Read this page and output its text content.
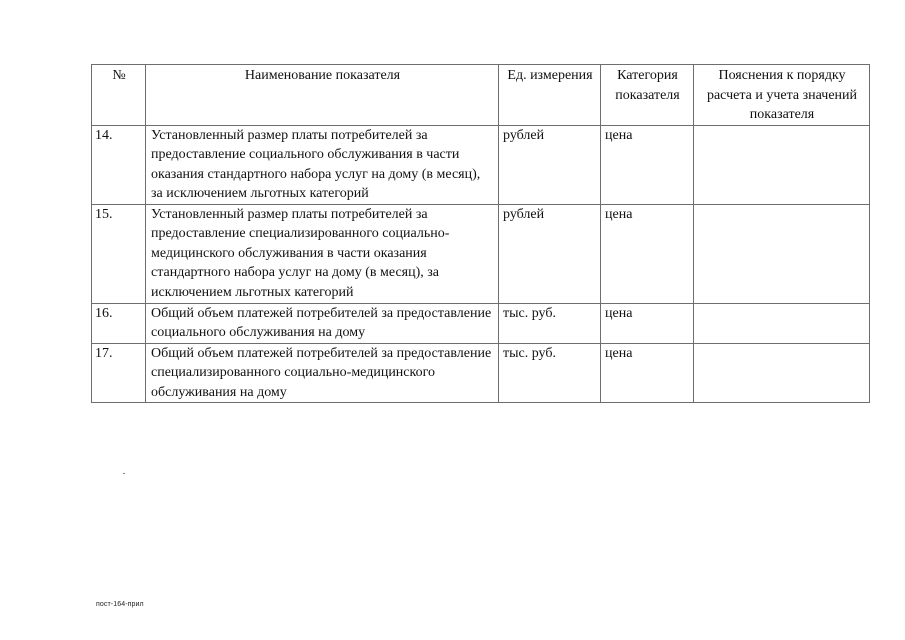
№	Наименование показателя	Ед. измерения	Категория показателя	Пояснения к порядку расчета и учета значений показателя
14.	Установленный размер платы потребителей за предоставление социального обслуживания в части оказания стандартного набора услуг на дому (в месяц), за исключением льготных категорий	рублей	цена	
15.	Установленный размер платы потребителей за предоставление специализированного социально-медицинского обслуживания в части оказания стандартного набора услуг на дому (в месяц), за исключением льготных категорий	рублей	цена	
16.	Общий объем платежей потребителей за предоставление социального обслуживания на дому	тыс. руб.	цена	
17.	Общий объем платежей потребителей за предоставление специализированного социально-медицинского обслуживания на дому	тыс. руб.	цена	
пост-164-прил
